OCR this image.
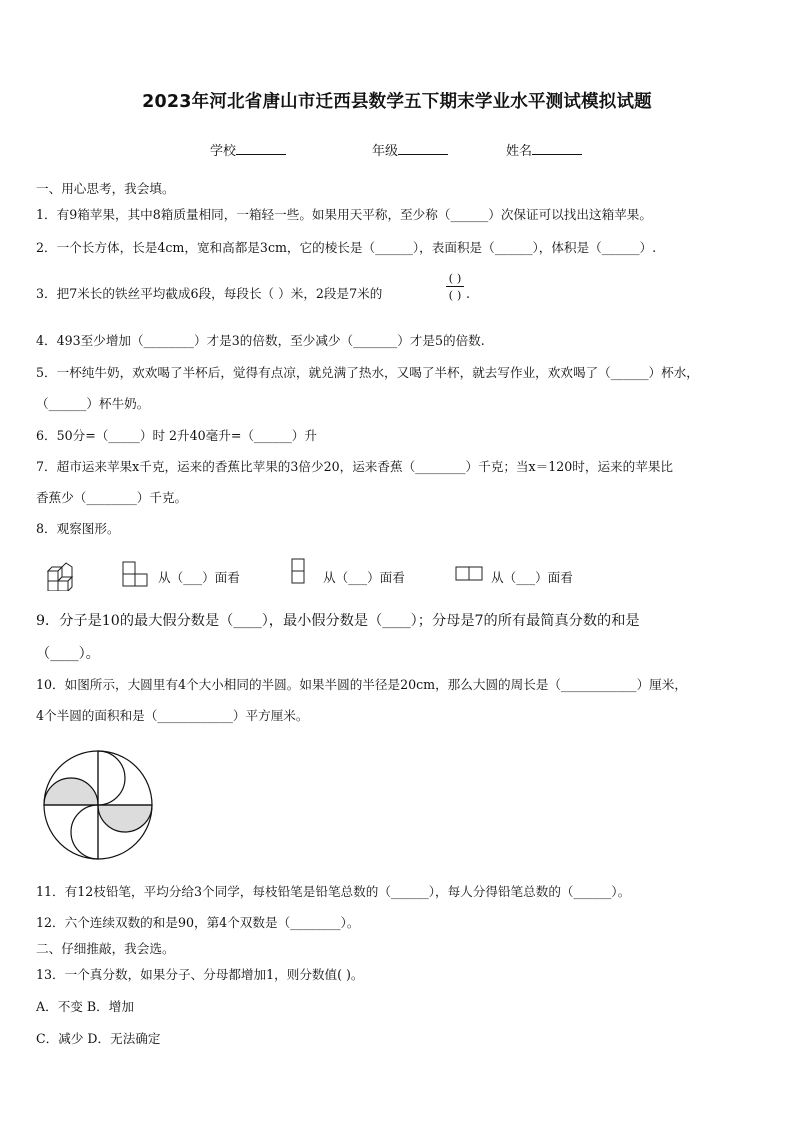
2023年河北省唐山市迁西县数学五下期末学业水平测试模拟试题
学校	年级	姓名
一、用心思考，我会填。
1．有9箱苹果，其中8箱质量相同，一箱轻一些。如果用天平称，至少称（______）次保证可以找出这箱苹果。
2．一个长方体，长是4cm，宽和高都是3cm，它的棱长是（______），表面积是（______），体积是（______）.
3．把7米长的铁丝平均截成6段，每段长（ ）米，2段是7米的
( )
( ) .
4．493至少增加（________）才是3的倍数，至少减少（_______）才是5的倍数.
5．一杯纯牛奶，欢欢喝了半杯后，觉得有点凉，就兑满了热水，又喝了半杯，就去写作业，欢欢喝了（______）杯水，
（______）杯牛奶。
6．50分=（_____）时 2升40毫升=（______）升
7．超市运来苹果x千克，运来的香蕉比苹果的3倍少20，运来香蕉（________）千克；当x＝120时，运来的苹果比
香蕉少（________）千克。
8．观察图形。
从（___）面看	从（___）面看	从（___）面看
9．分子是10的最大假分数是（____），最小假分数是（____）；分母是7的所有最简真分数的和是
（____）。
10．如图所示，大圆里有4个大小相同的半圆。如果半圆的半径是20cm，那么大圆的周长是（____________）厘米，
4个半圆的面积和是（____________）平方厘米。
11．有12枝铅笔，平均分给3个同学，每枝铅笔是铅笔总数的（______），每人分得铅笔总数的（______）。
12．六个连续双数的和是90，第4个双数是（________）。
二、仔细推敲，我会选。
13．一个真分数，如果分子、分母都增加1，则分数值( )。
A．不变 B．增加
C．减少 D．无法确定
